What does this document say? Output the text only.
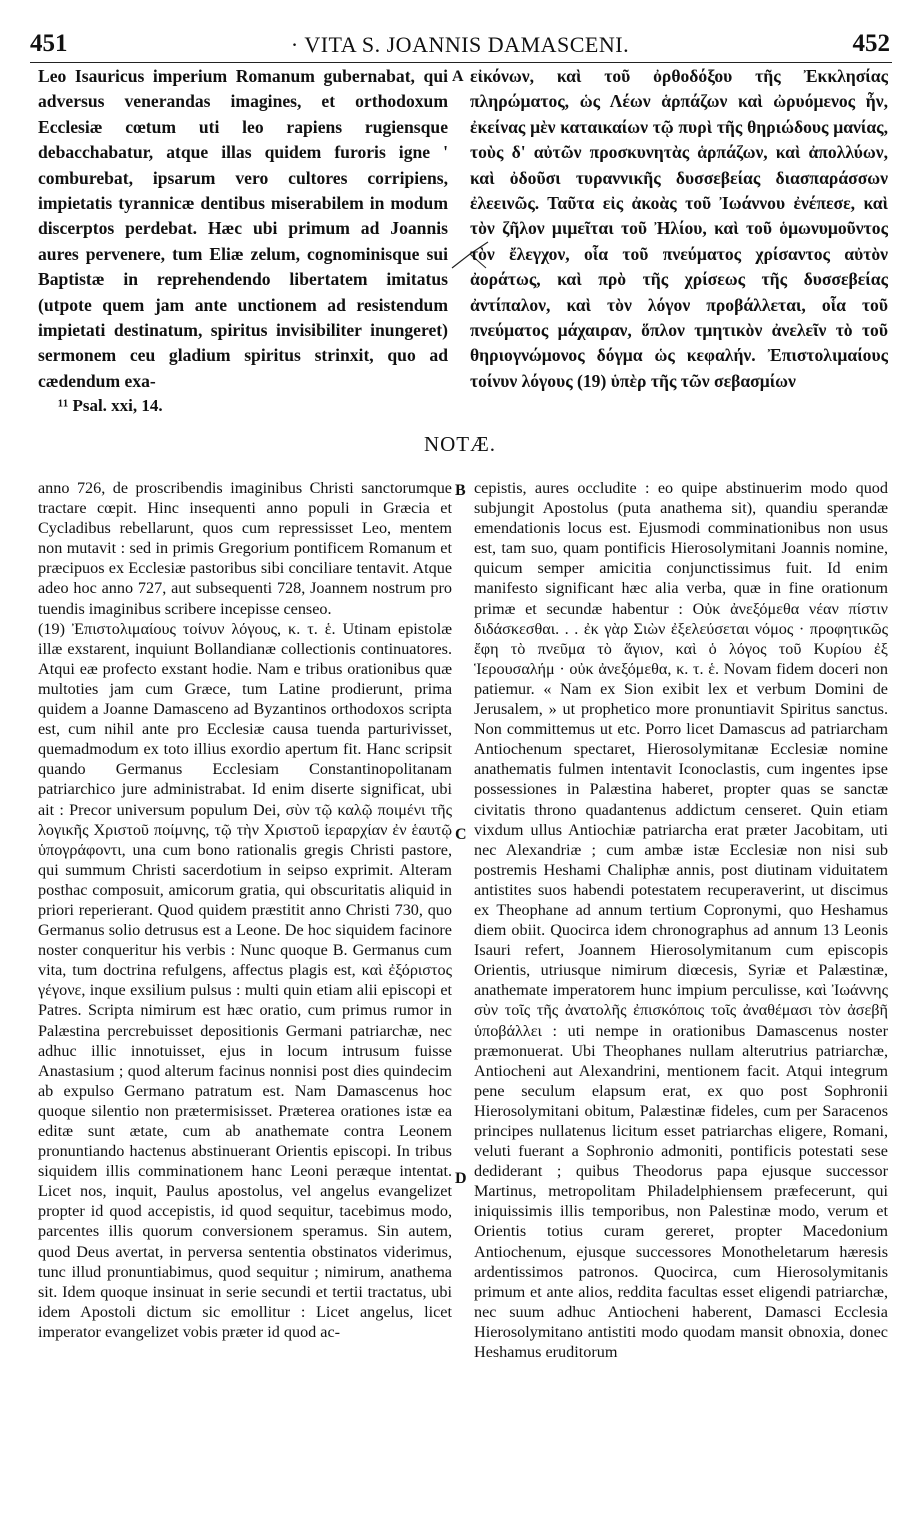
451	· VITA S. JOANNIS DAMASCENI.	452

Leo Isauricus imperium Romanum gubernabat, qui adversus venerandas imagines, et orthodoxum Ecclesiæ cœtum uti leo rapiens rugiensque debacchabatur, atque illas quidem furoris igne ' comburebat, ipsarum vero cultores corripiens, impietatis tyrannicæ dentibus miserabilem in modum discerptos perdebat. Hæc ubi primum ad Joannis aures pervenere, tum Eliæ zelum, cognominisque sui Baptistæ in reprehendendo libertatem imitatus (utpote quem jam ante unctionem ad resistendum impietati destinatum, spiritus invisibiliter inungeret) sermonem ceu gladium spiritus strinxit, quo ad cædendum exa-

A εἰκόνων, καὶ τοῦ ὀρθοδόξου τῆς Ἐκκλησίας πληρώματος, ὡς Λέων ἁρπάζων καὶ ὠρυόμενος ἦν, ἐκείνας μὲν καταικαίων τῷ πυρὶ τῆς θηριώδους μανίας, τοὺς δ' αὐτῶν προσκυνητὰς ἁρπάζων, καὶ ἀπολλύων, καὶ ὀδοῦσι τυραννικῆς δυσσεβείας διασπαράσσων ἐλεεινῶς. Ταῦτα εἰς ἀκοὰς τοῦ Ἰωάννου ἐνέπεσε, καὶ τὸν ζῆλον μιμεῖται τοῦ Ἠλίου, καὶ τοῦ ὁμωνυμοῦντος τὸν ἔλεγχον, οἷα τοῦ πνεύματος χρίσαντος αὐτὸν ἀοράτως, καὶ πρὸ τῆς χρίσεως τῆς δυσσεβείας ἀντίπαλον, καὶ τὸν λόγον προβάλλεται, οἷα τοῦ πνεύματος μάχαιραν, ὅπλον τμητικὸν ἀνελεῖν τὸ τοῦ θηριογνώμονος δόγμα ὡς κεφαλήν. Ἐπιστολιμαίους τοίνυν λόγους (19) ὑπὲρ τῆς τῶν σεβασμίων

¹¹ Psal. xxi, 14.
NOTÆ.

anno 726, de proscribendis imaginibus Christi sanctorumque tractare cœpit. Hinc insequenti anno populi in Græcia et Cycladibus rebellarunt, quos cum repressisset Leo, mentem non mutavit : sed in primis Gregorium pontificem Romanum et præcipuos ex Ecclesiæ pastoribus sibi conciliare tentavit. Atque adeo hoc anno 727, aut subsequenti 728, Joannem nostrum pro tuendis imaginibus scribere incepisse censeo.

(19) Ἐπιστολιμαίους τοίνυν λόγους, κ. τ. ἑ. Utinam epistolæ illæ exstarent, inquiunt Bollandianæ collectionis continuatores. Atqui eæ profecto exstant hodie. Nam e tribus orationibus quæ multoties jam cum Græce, tum Latine prodierunt, prima quidem a Joanne Damasceno ad Byzantinos orthodoxos scripta est, cum nihil ante pro Ecclesiæ causa tuenda parturivisset, quemadmodum ex toto illius exordio apertum fit. Hanc scripsit quando Germanus Ecclesiam Constantinopolitanam patriarchico jure administrabat. Id enim diserte significat, ubi ait : Precor universum populum Dei, σὺν τῷ καλῷ ποιμένι τῆς λογικῆς Χριστοῦ ποίμνης, τῷ τὴν Χριστοῦ ἱεραρχίαν ἐν ἑαυτῷ ὑπογράφοντι, una cum bono rationalis gregis Christi pastore, qui summum Christi sacerdotium in seipso exprimit. Alteram posthac composuit, amicorum gratia, qui obscuritatis aliquid in priori reperierant. Quod quidem præstitit anno Christi 730, quo Germanus solio detrusus est a Leone. De hoc siquidem facinore noster conqueritur his verbis : Nunc quoque B. Germanus cum vita, tum doctrina refulgens, affectus plagis est, καὶ ἐξόριστος γέγονε, inque exsilium pulsus : multi quin etiam alii episcopi et Patres. Scripta nimirum est hæc oratio, cum primus rumor in Palæstina percrebuisset depositionis Germani patriarchæ, nec adhuc illic innotuisset, ejus in locum intrusum fuisse Anastasium ; quod alterum facinus nonnisi post dies quindecim ab expulso Germano patratum est. Nam Damascenus hoc quoque silentio non prætermisisset. Præterea orationes istæ ea editæ sunt ætate, cum ab anathemate contra Leonem pronuntiando hactenus abstinuerant Orientis episcopi. In tribus siquidem illis comminationem hanc Leoni peræque intentat. Licet nos, inquit, Paulus apostolus, vel angelus evangelizet propter id quod accepistis, id quod sequitur, tacebimus modo, parcentes illis quorum conversionem speramus. Sin autem, quod Deus avertat, in perversa sententia obstinatos viderimus, tunc illud pronuntiabimus, quod sequitur ; nimirum, anathema sit. Idem quoque insinuat in serie secundi et tertii tractatus, ubi idem Apostoli dictum sic emollitur : Licet angelus, licet imperator evangelizet vobis præter id quod ac-

B
C
D

cepistis, aures occludite : eo quipe abstinuerim modo quod subjungit Apostolus (puta anathema sit), quandiu sperandæ emendationis locus est. Ejusmodi comminationibus non usus est, tam suo, quam pontificis Hierosolymitani Joannis nomine, quicum semper amicitia conjunctissimus fuit. Id enim manifesto significant hæc alia verba, quæ in fine orationum primæ et secundæ habentur : Οὐκ ἀνεξόμεθα νέαν πίστιν διδάσκεσθαι. . . ἐκ γὰρ Σιὼν ἐξελεύσεται νόμος · προφητικῶς ἔφη τὸ πνεῦμα τὸ ἅγιον, καὶ ὁ λόγος τοῦ Κυρίου ἐξ Ἱερουσαλήμ · οὐκ ἀνεξόμεθα, κ. τ. ἑ. Novam fidem doceri non patiemur. « Nam ex Sion exibit lex et verbum Domini de Jerusalem, » ut prophetico more pronuntiavit Spiritus sanctus. Non committemus ut etc. Porro licet Damascus ad patriarcham Antiochenum spectaret, Hierosolymitanæ Ecclesiæ nomine anathematis fulmen intentavit Iconoclastis, cum ingentes ipse possessiones in Palæstina haberet, propter quas se sanctæ civitatis throno quadantenus addictum censeret. Quin etiam vixdum ullus Antiochiæ patriarcha erat præter Jacobitam, uti nec Alexandriæ ; cum ambæ istæ Ecclesiæ non nisi sub postremis Heshami Chaliphæ annis, post diutinam viduitatem antistites suos habendi potestatem recuperaverint, ut discimus ex Theophane ad annum tertium Copronymi, quo Heshamus diem obiit. Quocirca idem chronographus ad annum 13 Leonis Isauri refert, Joannem Hierosolymitanum cum episcopis Orientis, utriusque nimirum diœcesis, Syriæ et Palæstinæ, anathemate imperatorem hunc impium perculisse, καὶ Ἰωάννης σὺν τοῖς τῆς ἀνατολῆς ἐπισκόποις τοῖς ἀναθέμασι τὸν ἀσεβῆ ὑποβάλλει : uti nempe in orationibus Damascenus noster præmonuerat. Ubi Theophanes nullam alterutrius patriarchæ, Antiocheni aut Alexandrini, mentionem facit. Atqui integrum pene seculum elapsum erat, ex quo post Sophronii Hierosolymitani obitum, Palæstinæ fideles, cum per Saracenos principes nullatenus licitum esset patriarchas eligere, Romani, veluti fuerant a Sophronio admoniti, pontificis potestati sese dediderant ; quibus Theodorus papa ejusque successor Martinus, metropolitam Philadelphiensem præfecerunt, qui iniquissimis illis temporibus, non Palestinæ modo, verum et Orientis totius curam gereret, propter Macedonium Antiochenum, ejusque successores Monotheletarum hæresis ardentissimos patronos. Quocirca, cum Hierosolymitanis primum et ante alios, reddita facultas esset eligendi patriarchæ, nec suum adhuc Antiocheni haberent, Damasci Ecclesia Hierosolymitano antistiti modo quodam mansit obnoxia, donec Heshamus eruditorum
